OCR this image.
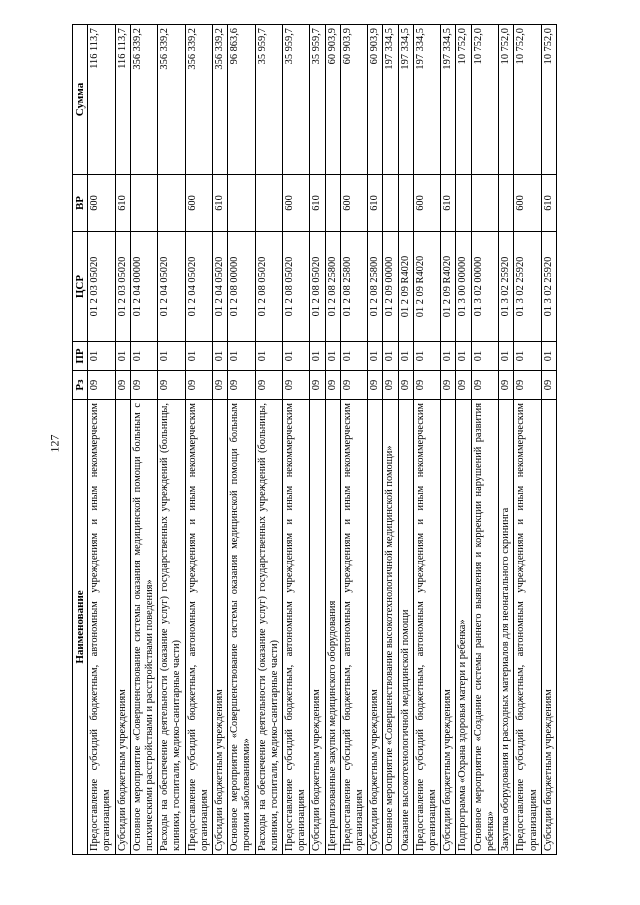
127
Наименование	Рз	ПР	ЦСР	ВР	Сумма
Предоставление субсидий бюджетным, автономным учреждениям и иным некоммерческим организациям	09	01	01 2 03 05020	600	116 113,7
Субсидии бюджетным учреждениям	09	01	01 2 03 05020	610	116 113,7
Основное мероприятие «Совершенствование системы оказания медицинской помощи больным с психическими расстройствами и расстройствами поведения»	09	01	01 2 04 00000		356 339,2
Расходы на обеспечение деятельности (оказание услуг) государственных учреждений (больницы, клиники, госпитали, медико-санитарные части)	09	01	01 2 04 05020		356 339,2
Предоставление субсидий бюджетным, автономным учреждениям и иным некоммерческим организациям	09	01	01 2 04 05020	600	356 339,2
Субсидии бюджетным учреждениям	09	01	01 2 04 05020	610	356 339,2
Основное мероприятие «Совершенствование системы оказания медицинской помощи больным прочими заболеваниями»	09	01	01 2 08 00000		96 863,6
Расходы на обеспечение деятельности (оказание услуг) государственных учреждений (больницы, клиники, госпитали, медико-санитарные части)	09	01	01 2 08 05020		35 959,7
Предоставление субсидий бюджетным, автономным учреждениям и иным некоммерческим организациям	09	01	01 2 08 05020	600	35 959,7
Субсидии бюджетным учреждениям	09	01	01 2 08 05020	610	35 959,7
Централизованные закупки медицинского оборудования	09	01	01 2 08 25800		60 903,9
Предоставление субсидий бюджетным, автономным учреждениям и иным некоммерческим организациям	09	01	01 2 08 25800	600	60 903,9
Субсидии бюджетным учреждениям	09	01	01 2 08 25800	610	60 903,9
Основное мероприятие «Совершенствование высокотехнологичной медицинской помощи»	09	01	01 2 09 00000		197 334,5
Оказание высокотехнологичной медицинской помощи	09	01	01 2 09 R4020		197 334,5
Предоставление субсидий бюджетным, автономным учреждениям и иным некоммерческим организациям	09	01	01 2 09 R4020	600	197 334,5
Субсидии бюджетным учреждениям	09	01	01 2 09 R4020	610	197 334,5
Подпрограмма «Охрана здоровья матери и ребенка»	09	01	01 3 00 00000		10 752,0
Основное мероприятие «Создание системы раннего выявления и коррекции нарушений развития ребенка»	09	01	01 3 02 00000		10 752,0
Закупка оборудования и расходных материалов для неонатального скрининга	09	01	01 3 02 25920		10 752,0
Предоставление субсидий бюджетным, автономным учреждениям и иным некоммерческим организациям	09	01	01 3 02 25920	600	10 752,0
Субсидии бюджетным учреждениям	09	01	01 3 02 25920	610	10 752,0
